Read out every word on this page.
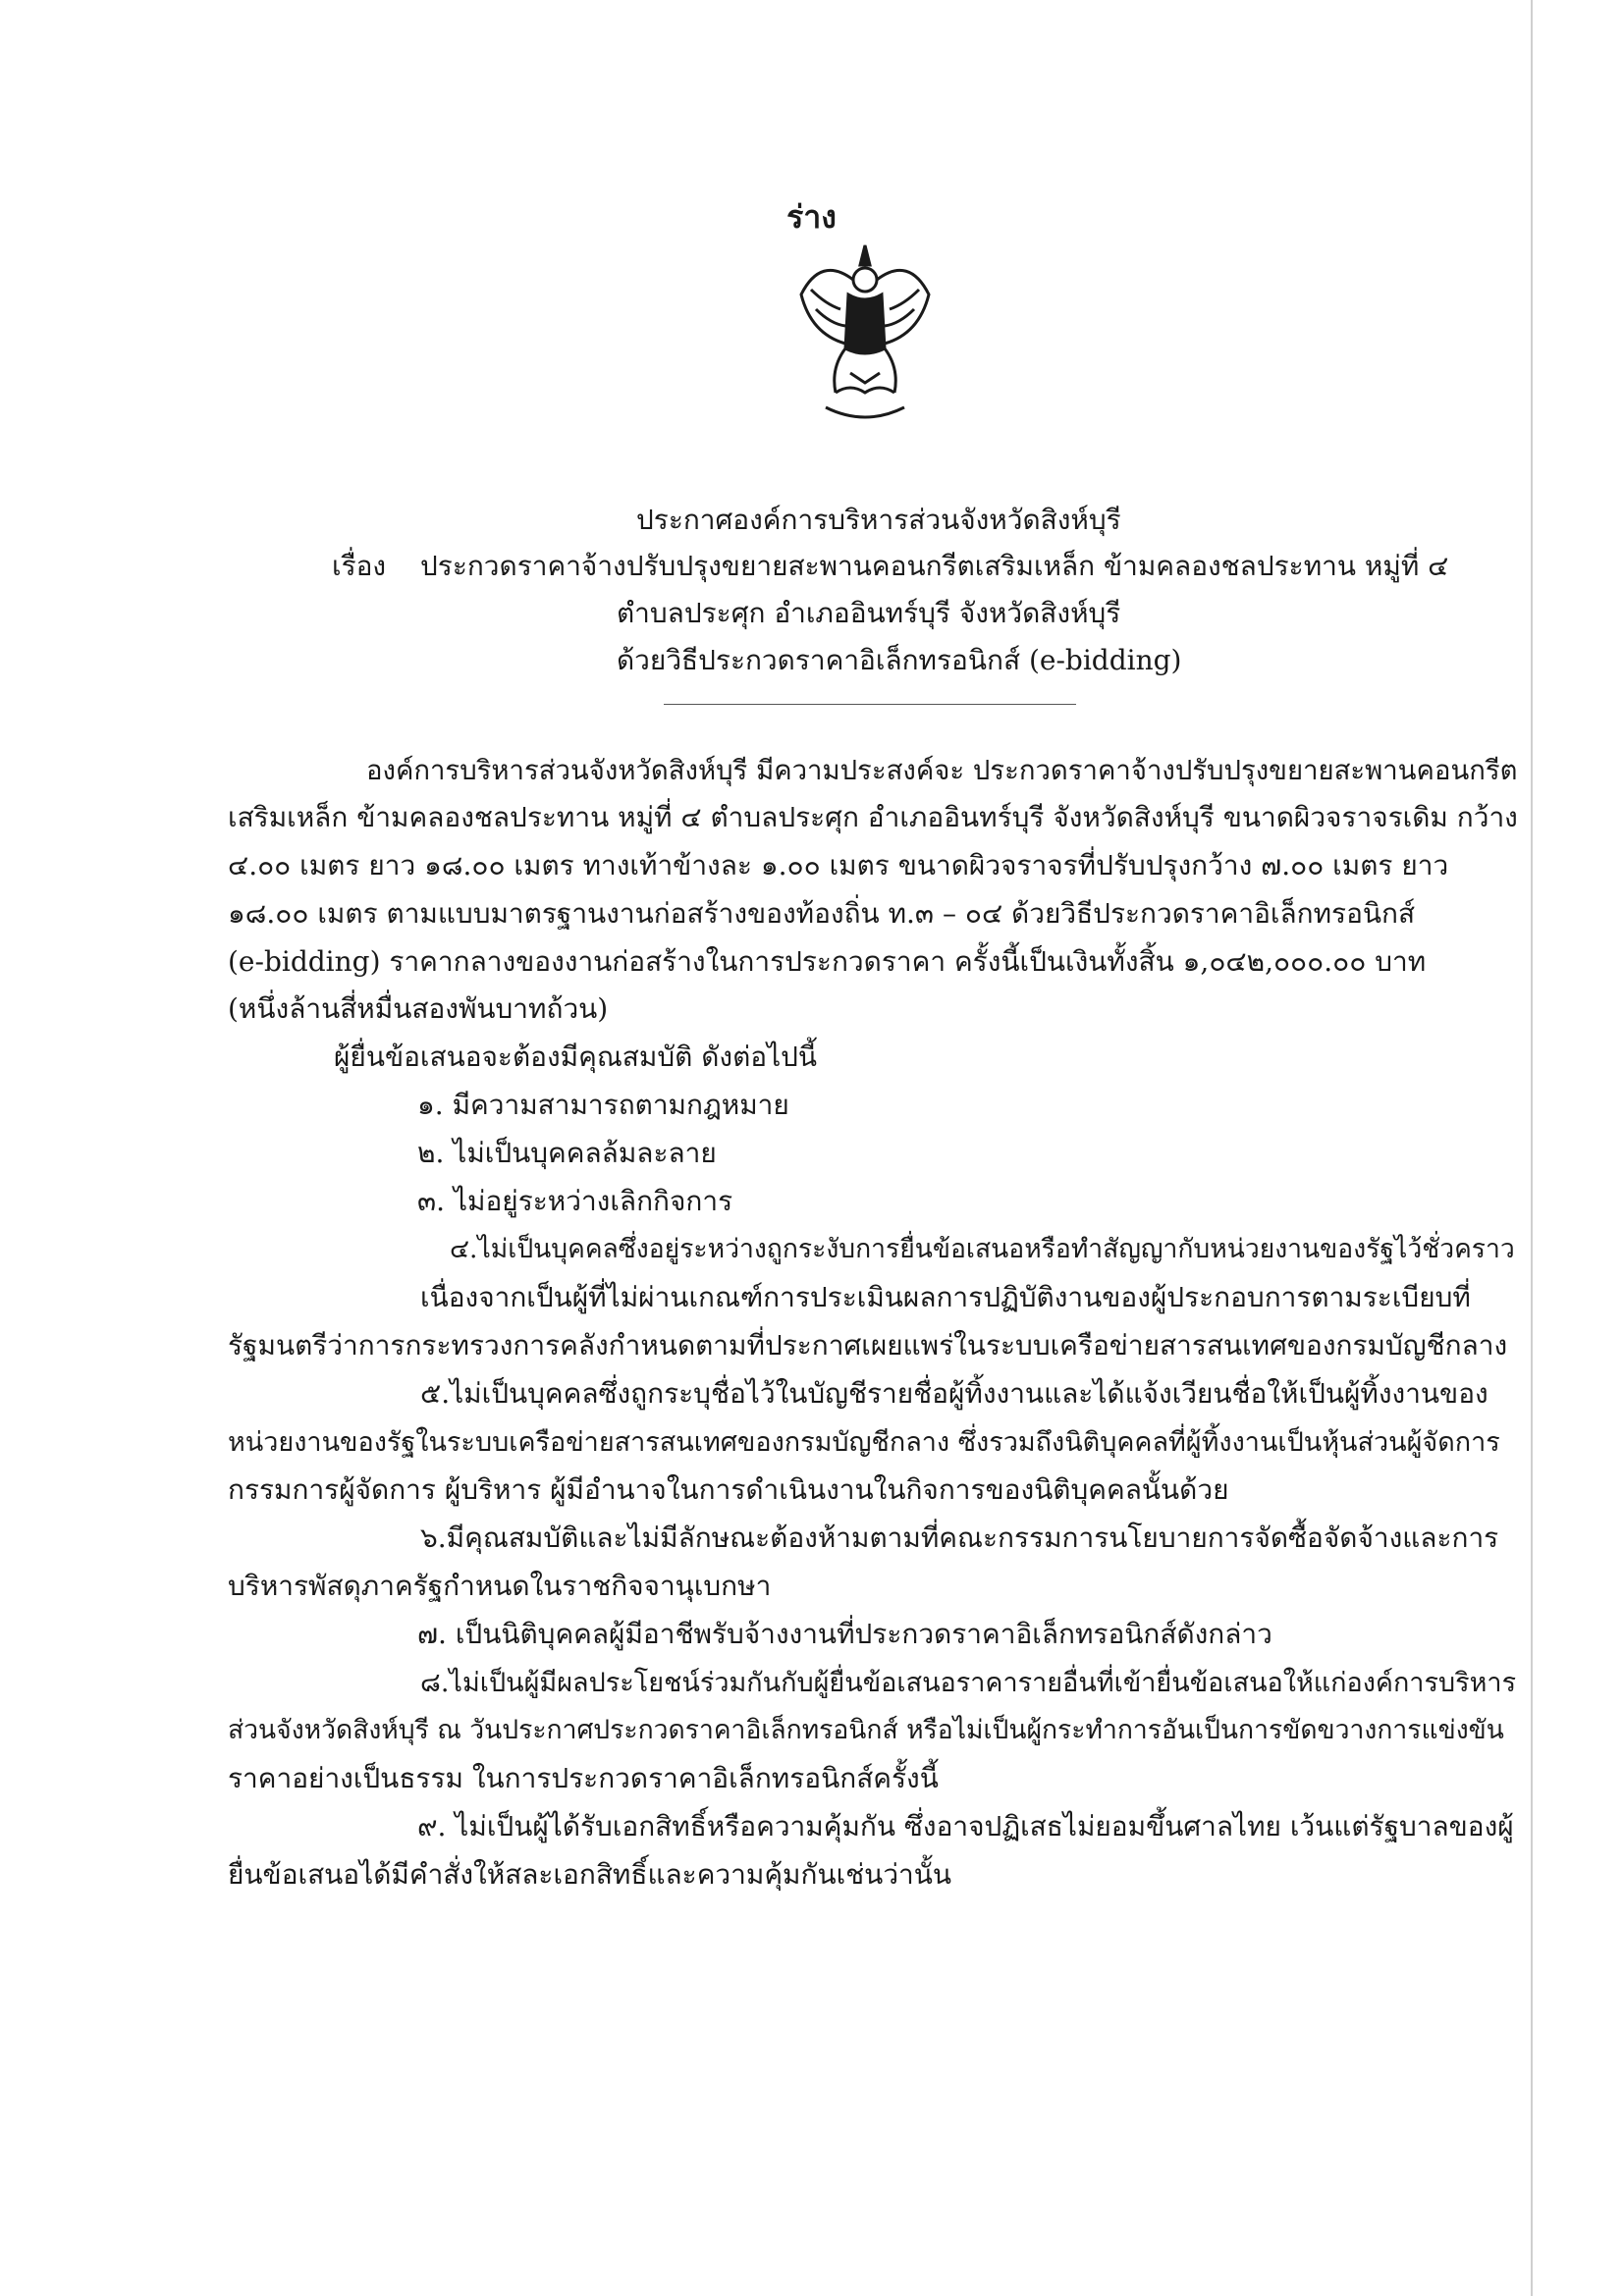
ร่าง
ประกาศองค์การบริหารส่วนจังหวัดสิงห์บุรี
เรื่อง ประกวดราคาจ้างปรับปรุงขยายสะพานคอนกรีตเสริมเหล็ก ข้ามคลองชลประทาน หมู่ที่ ๔
ตำบลประศุก อำเภออินทร์บุรี จังหวัดสิงห์บุรี
ด้วยวิธีประกวดราคาอิเล็กทรอนิกส์ (e-bidding)
องค์การบริหารส่วนจังหวัดสิงห์บุรี มีความประสงค์จะ ประกวดราคาจ้างปรับปรุงขยายสะพานคอนกรีต
เสริมเหล็ก ข้ามคลองชลประทาน หมู่ที่ ๔ ตำบลประศุก อำเภออินทร์บุรี จังหวัดสิงห์บุรี ขนาดผิวจราจรเดิม กว้าง
๔.๐๐ เมตร ยาว ๑๘.๐๐ เมตร ทางเท้าข้างละ ๑.๐๐ เมตร ขนาดผิวจราจรที่ปรับปรุงกว้าง ๗.๐๐ เมตร ยาว
๑๘.๐๐ เมตร ตามแบบมาตรฐานงานก่อสร้างของท้องถิ่น ท.๓ – ๐๔ ด้วยวิธีประกวดราคาอิเล็กทรอนิกส์
(e-bidding) ราคากลางของงานก่อสร้างในการประกวดราคา ครั้งนี้เป็นเงินทั้งสิ้น ๑,๐๔๒,๐๐๐.๐๐ บาท
(หนึ่งล้านสี่หมื่นสองพันบาทถ้วน)
ผู้ยื่นข้อเสนอจะต้องมีคุณสมบัติ ดังต่อไปนี้
๑. มีความสามารถตามกฎหมาย
๒. ไม่เป็นบุคคลล้มละลาย
๓. ไม่อยู่ระหว่างเลิกกิจการ
๔.ไม่เป็นบุคคลซึ่งอยู่ระหว่างถูกระงับการยื่นข้อเสนอหรือทำสัญญากับหน่วยงานของรัฐไว้ชั่วคราว
เนื่องจากเป็นผู้ที่ไม่ผ่านเกณฑ์การประเมินผลการปฏิบัติงานของผู้ประกอบการตามระเบียบที่
รัฐมนตรีว่าการกระทรวงการคลังกำหนดตามที่ประกาศเผยแพร่ในระบบเครือข่ายสารสนเทศของกรมบัญชีกลาง
๕.ไม่เป็นบุคคลซึ่งถูกระบุชื่อไว้ในบัญชีรายชื่อผู้ทิ้งงานและได้แจ้งเวียนชื่อให้เป็นผู้ทิ้งงานของ
หน่วยงานของรัฐในระบบเครือข่ายสารสนเทศของกรมบัญชีกลาง ซึ่งรวมถึงนิติบุคคลที่ผู้ทิ้งงานเป็นหุ้นส่วนผู้จัดการ
กรรมการผู้จัดการ ผู้บริหาร ผู้มีอำนาจในการดำเนินงานในกิจการของนิติบุคคลนั้นด้วย
๖.มีคุณสมบัติและไม่มีลักษณะต้องห้ามตามที่คณะกรรมการนโยบายการจัดซื้อจัดจ้างและการ
บริหารพัสดุภาครัฐกำหนดในราชกิจจานุเบกษา
๗. เป็นนิติบุคคลผู้มีอาชีพรับจ้างงานที่ประกวดราคาอิเล็กทรอนิกส์ดังกล่าว
๘.ไม่เป็นผู้มีผลประโยชน์ร่วมกันกับผู้ยื่นข้อเสนอราคารายอื่นที่เข้ายื่นข้อเสนอให้แก่องค์การบริหาร
ส่วนจังหวัดสิงห์บุรี ณ วันประกาศประกวดราคาอิเล็กทรอนิกส์ หรือไม่เป็นผู้กระทำการอันเป็นการขัดขวางการแข่งขัน
ราคาอย่างเป็นธรรม ในการประกวดราคาอิเล็กทรอนิกส์ครั้งนี้
๙. ไม่เป็นผู้ได้รับเอกสิทธิ์หรือความคุ้มกัน ซึ่งอาจปฏิเสธไม่ยอมขึ้นศาลไทย เว้นแต่รัฐบาลของผู้
ยื่นข้อเสนอได้มีคำสั่งให้สละเอกสิทธิ์และความคุ้มกันเช่นว่านั้น
